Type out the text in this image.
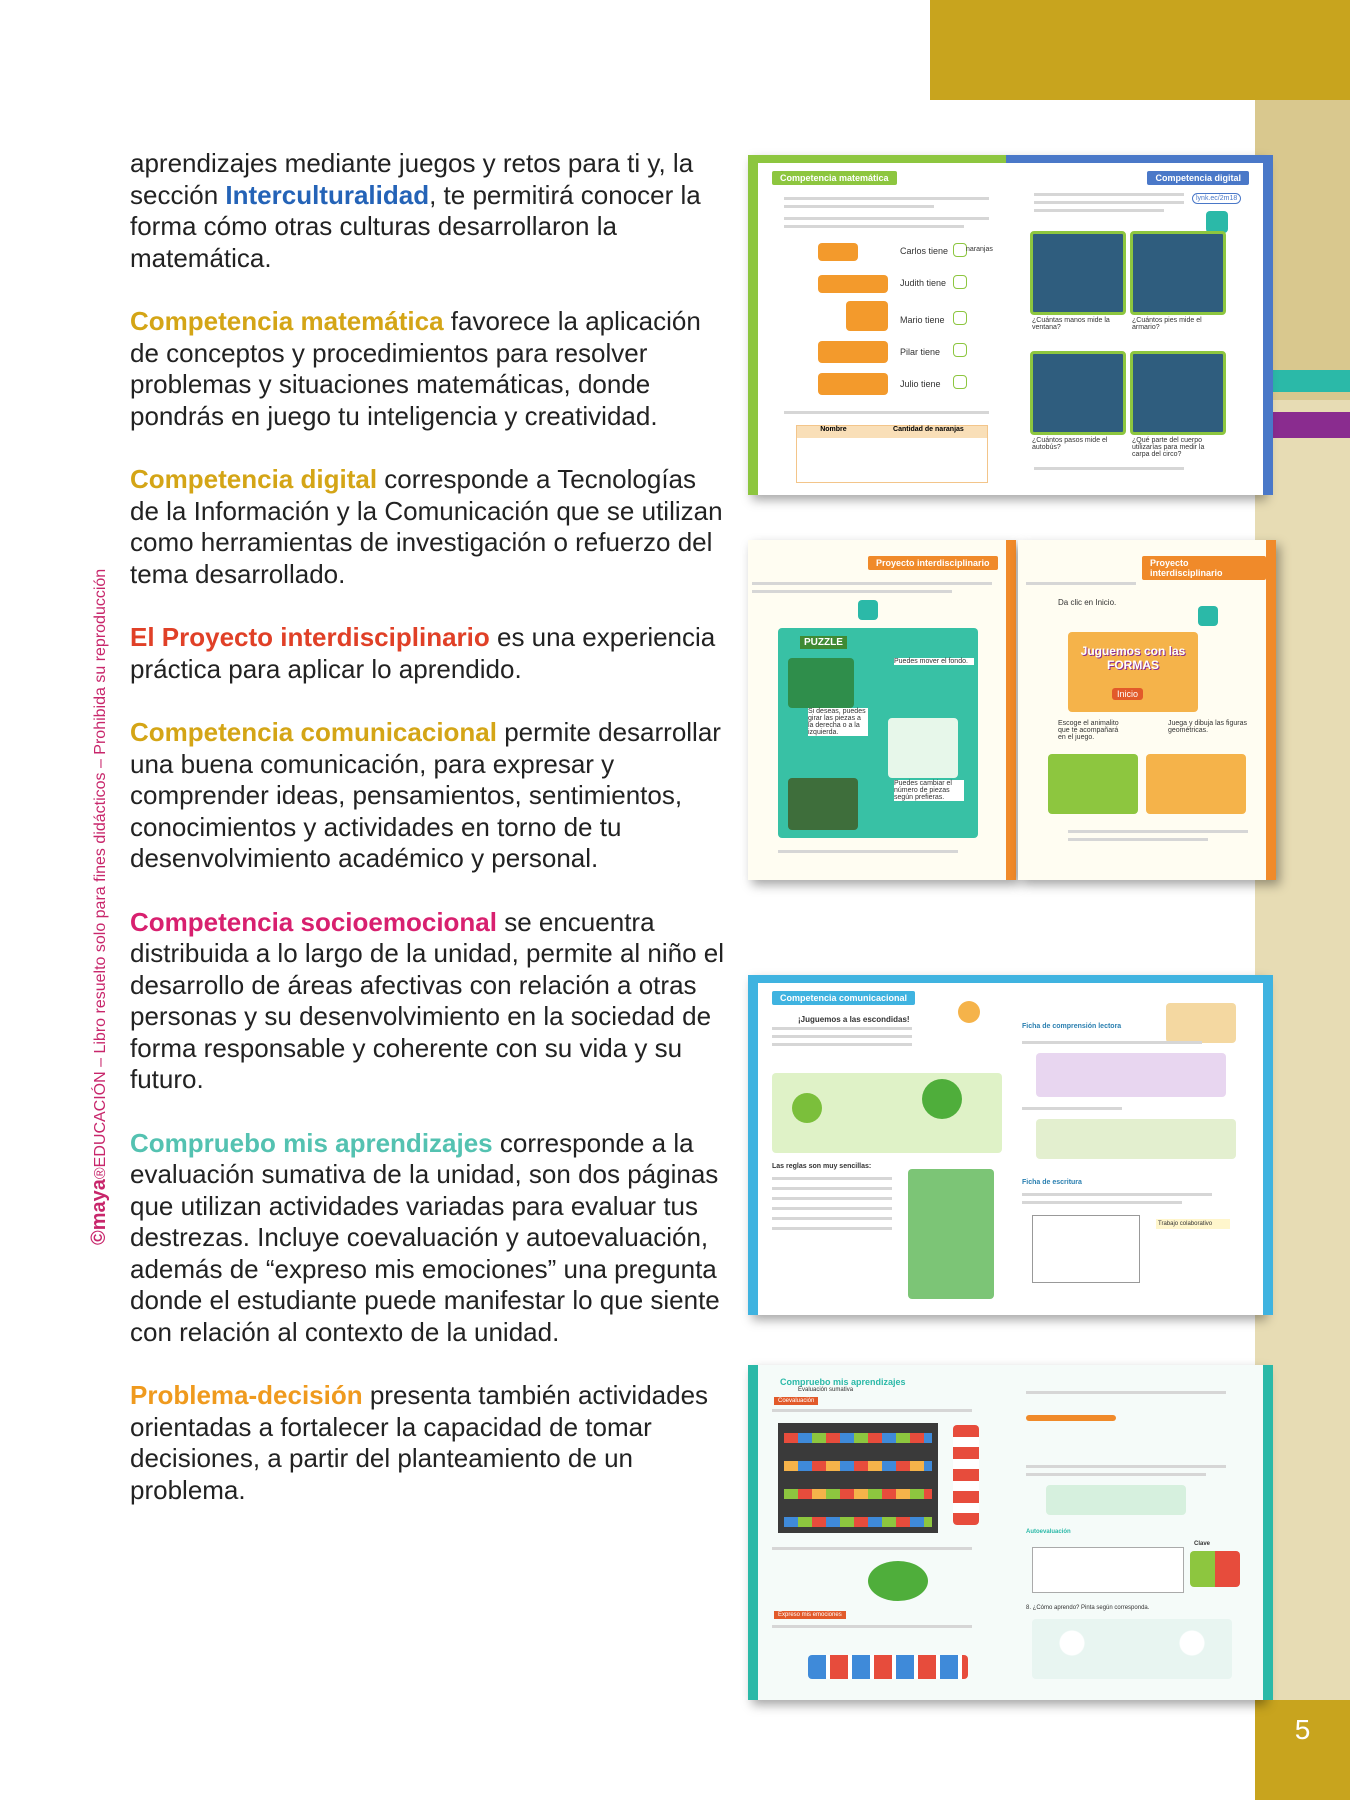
5
©maya®EDUCACIÓN – Libro resuelto solo para fines didácticos – Prohibida su reproducción

aprendizajes mediante juegos y retos para ti y, la sección Interculturalidad, te permitirá conocer la forma cómo otras culturas desarrollaron la matemática.

Competencia matemática favorece la aplicación de conceptos y procedimientos para resolver problemas y situaciones matemáticas, donde pondrás en juego tu inteligencia y creatividad.

Competencia digital corresponde a Tecnologías de la Información y la Comunicación que se utilizan como herramientas de investigación o refuerzo del tema desarrollado.

El Proyecto interdisciplinario es una experiencia práctica para aplicar lo aprendido.

Competencia comunicacional permite desarrollar una buena comunicación, para expresar y comprender ideas, pensamientos, sentimientos, conocimientos y actividades en torno de tu desenvolvimiento académico y personal.

Competencia socioemocional se encuentra distribuida a lo largo de la unidad, permite al niño el desarrollo de áreas afectivas con relación a otras personas y su desenvolvimiento en la sociedad de forma responsable y coherente con su vida y su futuro.

Compruebo mis aprendizajes corresponde a la evaluación sumativa de la unidad, son dos páginas que utilizan actividades variadas para evaluar tus destrezas. Incluye coevaluación y autoevaluación, además de “expreso mis emociones” una pregunta donde el estudiante puede manifestar lo que siente con relación al contexto de la unidad.

Problema-decisión presenta también actividades orientadas a fortalecer la capacidad de tomar decisiones, a partir del planteamiento de un problema.

Competencia matemática
Carlos tiene	naranjas
Judith tiene
Mario tiene
Pilar tiene
Julio tiene
Nombre	Cantidad de naranjas
Competencia digital
lynk.ec/2m18
¿Cuántas manos mide la ventana?
¿Cuántos pies mide el armario?
¿Cuántos pasos mide el autobús?
¿Qué parte del cuerpo utilizarías para medir la carpa del circo?
Proyecto interdisciplinario
PUZZLE
Puedes mover el fondo.
Si deseas, puedes girar las piezas a la derecha o a la izquierda.
Puedes cambiar el número de piezas según prefieras.
Proyecto interdisciplinario
Da clic en Inicio.
Juguemos con las FORMAS
Inicio
Escoge el animalito que te acompañará en el juego.
Juega y dibuja las figuras geométricas.
Competencia comunicacional
¡Juguemos a las escondidas!
Las reglas son muy sencillas:
Ficha de comprensión lectora
Ficha de escritura
Trabajo colaborativo
Compruebo mis aprendizajes
Evaluación sumativa
Coevaluación
Expreso mis emociones
Autoevaluación
Clave
8. ¿Cómo aprendo? Pinta según corresponda.
